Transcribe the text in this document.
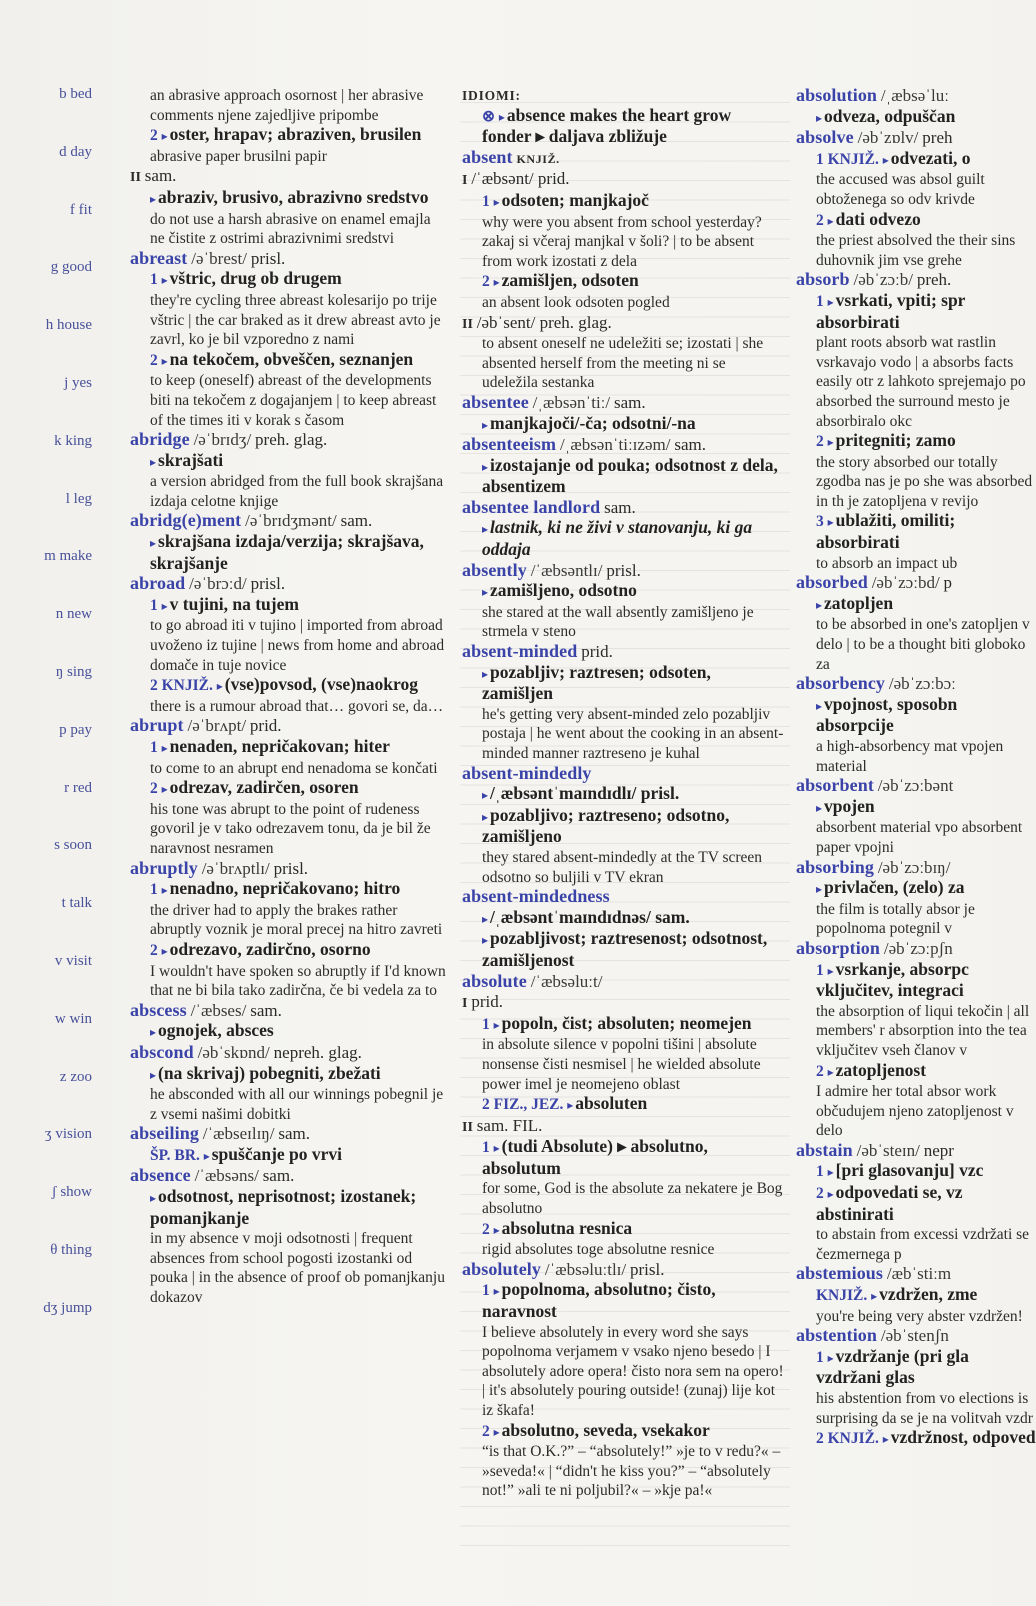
b bed
d day
f fit
g good
h house
j yes
k king
l leg
m make
n new
ŋ sing
p pay
r red
s soon
t talk
v visit
w win
z zoo
ʒ vision
ʃ show
θ thing
dʒ jump

an abrasive approach osornost | her abrasive comments njene zajedljive pripombe

2 ▸ oster, hrapav; abraziven, brusilen

abrasive paper brusilni papir

II sam.

▸ abraziv, brusivo, abrazivno sredstvo

do not use a harsh abrasive on enamel emajla ne čistite z ostrimi abrazivnimi sredstvi

abreast /əˈbrest/ prisl.

1 ▸ vštric, drug ob drugem

they're cycling three abreast kolesarijo po trije vštric | the car braked as it drew abreast avto je zavrl, ko je bil vzporedno z nami

2 ▸ na tekočem, obveščen, seznanjen

to keep (oneself) abreast of the developments biti na tekočem z dogajanjem | to keep abreast of the times iti v korak s časom

abridge /əˈbrɪdʒ/ preh. glag.

▸ skrajšati

a version abridged from the full book skrajšana izdaja celotne knjige

abridg(e)ment /əˈbrɪdʒmənt/ sam.

▸ skrajšana izdaja/verzija; skrajšava, skrajšanje

abroad /əˈbrɔːd/ prisl.

1 ▸ v tujini, na tujem

to go abroad iti v tujino | imported from abroad uvoženo iz tujine | news from home and abroad domače in tuje novice

2 KNJIŽ. ▸ (vse)povsod, (vse)naokrog

there is a rumour abroad that… govori se, da…

abrupt /əˈbrʌpt/ prid.

1 ▸ nenaden, nepričakovan; hiter

to come to an abrupt end nenadoma se končati

2 ▸ odrezav, zadirčen, osoren

his tone was abrupt to the point of rudeness govoril je v tako odrezavem tonu, da je bil že naravnost nesramen

abruptly /əˈbrʌptlɪ/ prisl.

1 ▸ nenadno, nepričakovano; hitro

the driver had to apply the brakes rather abruptly voznik je moral precej na hitro zavreti

2 ▸ odrezavo, zadirčno, osorno

I wouldn't have spoken so abruptly if I'd known that ne bi bila tako zadirčna, če bi vedela za to

abscess /ˈæbses/ sam.

▸ ognojek, absces

abscond /əbˈskɒnd/ nepreh. glag.

▸ (na skrivaj) pobegniti, zbežati

he absconded with all our winnings pobegnil je z vsemi našimi dobitki

abseiling /ˈæbseɪlɪŋ/ sam.

ŠP. BR. ▸ spuščanje po vrvi

absence /ˈæbsəns/ sam.

▸ odsotnost, neprisotnost; izostanek; pomanjkanje

in my absence v moji odsotnosti | frequent absences from school pogosti izostanki od pouka | in the absence of proof ob pomanjkanju dokazov

IDIOMI:

⊗ ▸ absence makes the heart grow fonder ▸ daljava zbližuje

absent KNJIŽ.

I /ˈæbsənt/ prid.

1 ▸ odsoten; manjkajoč

why were you absent from school yesterday? zakaj si včeraj manjkal v šoli? | to be absent from work izostati z dela

2 ▸ zamišljen, odsoten

an absent look odsoten pogled

II /əbˈsent/ preh. glag.

to absent oneself ne udeležiti se; izostati | she absented herself from the meeting ni se udeležila sestanka

absentee /ˌæbsənˈtiː/ sam.

▸ manjkajoči/-ča; odsotni/-na

absenteeism /ˌæbsənˈtiːɪzəm/ sam.

▸ izostajanje od pouka; odsotnost z dela, absentizem

absentee landlord sam.

▸ lastnik, ki ne živi v stanovanju, ki ga oddaja

absently /ˈæbsəntlɪ/ prisl.

▸ zamišljeno, odsotno

she stared at the wall absently zamišljeno je strmela v steno

absent-minded prid.

▸ pozabljiv; raztresen; odsoten, zamišljen

he's getting very absent-minded zelo pozabljiv postaja | he went about the cooking in an absent-minded manner raztreseno je kuhal

absent-mindedly

▸ /ˌæbsəntˈmaɪndɪdlɪ/ prisl.

▸ pozabljivo; raztreseno; odsotno, zamišljeno

they stared absent-mindedly at the TV screen odsotno so buljili v TV ekran

absent-mindedness

▸ /ˌæbsəntˈmaɪndɪdnəs/ sam.

▸ pozabljivost; raztresenost; odsotnost, zamišljenost

absolute /ˈæbsəluːt/

I prid.

1 ▸ popoln, čist; absoluten; neomejen

in absolute silence v popolni tišini | absolute nonsense čisti nesmisel | he wielded absolute power imel je neomejeno oblast

2 FIZ., JEZ. ▸ absoluten

II sam. FIL.

1 ▸ (tudi Absolute) ▸ absolutno, absolutum

for some, God is the absolute za nekatere je Bog absolutno

2 ▸ absolutna resnica

rigid absolutes toge absolutne resnice

absolutely /ˈæbsəluːtlɪ/ prisl.

1 ▸ popolnoma, absolutno; čisto, naravnost

I believe absolutely in every word she says popolnoma verjamem v vsako njeno besedo | I absolutely adore opera! čisto nora sem na opero! | it's absolutely pouring outside! (zunaj) lije kot iz škafa!

2 ▸ absolutno, seveda, vsekakor

“is that O.K.?” – “absolutely!” »je to v redu?« – »seveda!« | “didn't he kiss you?” – “absolutely not!” »ali te ni poljubil?« – »kje pa!«

absolution /ˌæbsəˈluː

▸ odveza, odpuščan

absolve /əbˈzɒlv/ preh

1 KNJIŽ. ▸ odvezati, o

the accused was absol guilt obtoženega so odv krivde

2 ▸ dati odvezo

the priest absolved the their sins duhovnik jim vse grehe

absorb /əbˈzɔːb/ preh.

1 ▸ vsrkati, vpiti; spr absorbirati

plant roots absorb wat rastlin vsrkavajo vodo | a absorbs facts easily otr z lahkoto sprejemajo po absorbed the surround mesto je absorbiralo okc

2 ▸ pritegniti; zamo

the story absorbed our totally zgodba nas je po she was absorbed in th je zatopljena v revijo

3 ▸ ublažiti, omiliti; absorbirati

to absorb an impact ub

absorbed /əbˈzɔːbd/ p

▸ zatopljen

to be absorbed in one's zatopljen v delo | to be a thought biti globoko za

absorbency /əbˈzɔːbɔː

▸ vpojnost, sposobn absorpcije

a high-absorbency mat vpojen material

absorbent /əbˈzɔːbənt

▸ vpojen

absorbent material vpo absorbent paper vpojni

absorbing /əbˈzɔːbɪŋ/

▸ privlačen, (zelo) za

the film is totally absor je popolnoma potegnil v

absorption /əbˈzɔːpʃn

1 ▸ vsrkanje, absorpc vključitev, integraci

the absorption of liqui tekočin | all members' r absorption into the tea vključitev vseh članov v

2 ▸ zatopljenost

I admire her total absor work občudujem njeno zatopljenost v delo

abstain /əbˈsteɪn/ nepr

1 ▸ [pri glasovanju] vzc

2 ▸ odpovedati se, vz abstinirati

to abstain from excessi vzdržati se čezmernega p

abstemious /æbˈstiːm

KNJIŽ. ▸ vzdržen, zme

you're being very abster vzdržen!

abstention /əbˈstenʃn

1 ▸ vzdržanje (pri gla vzdržani glas

his abstention from vo elections is surprising da se je na volitvah vzdr

2 KNJIŽ. ▸ vzdržnost, odpoved
